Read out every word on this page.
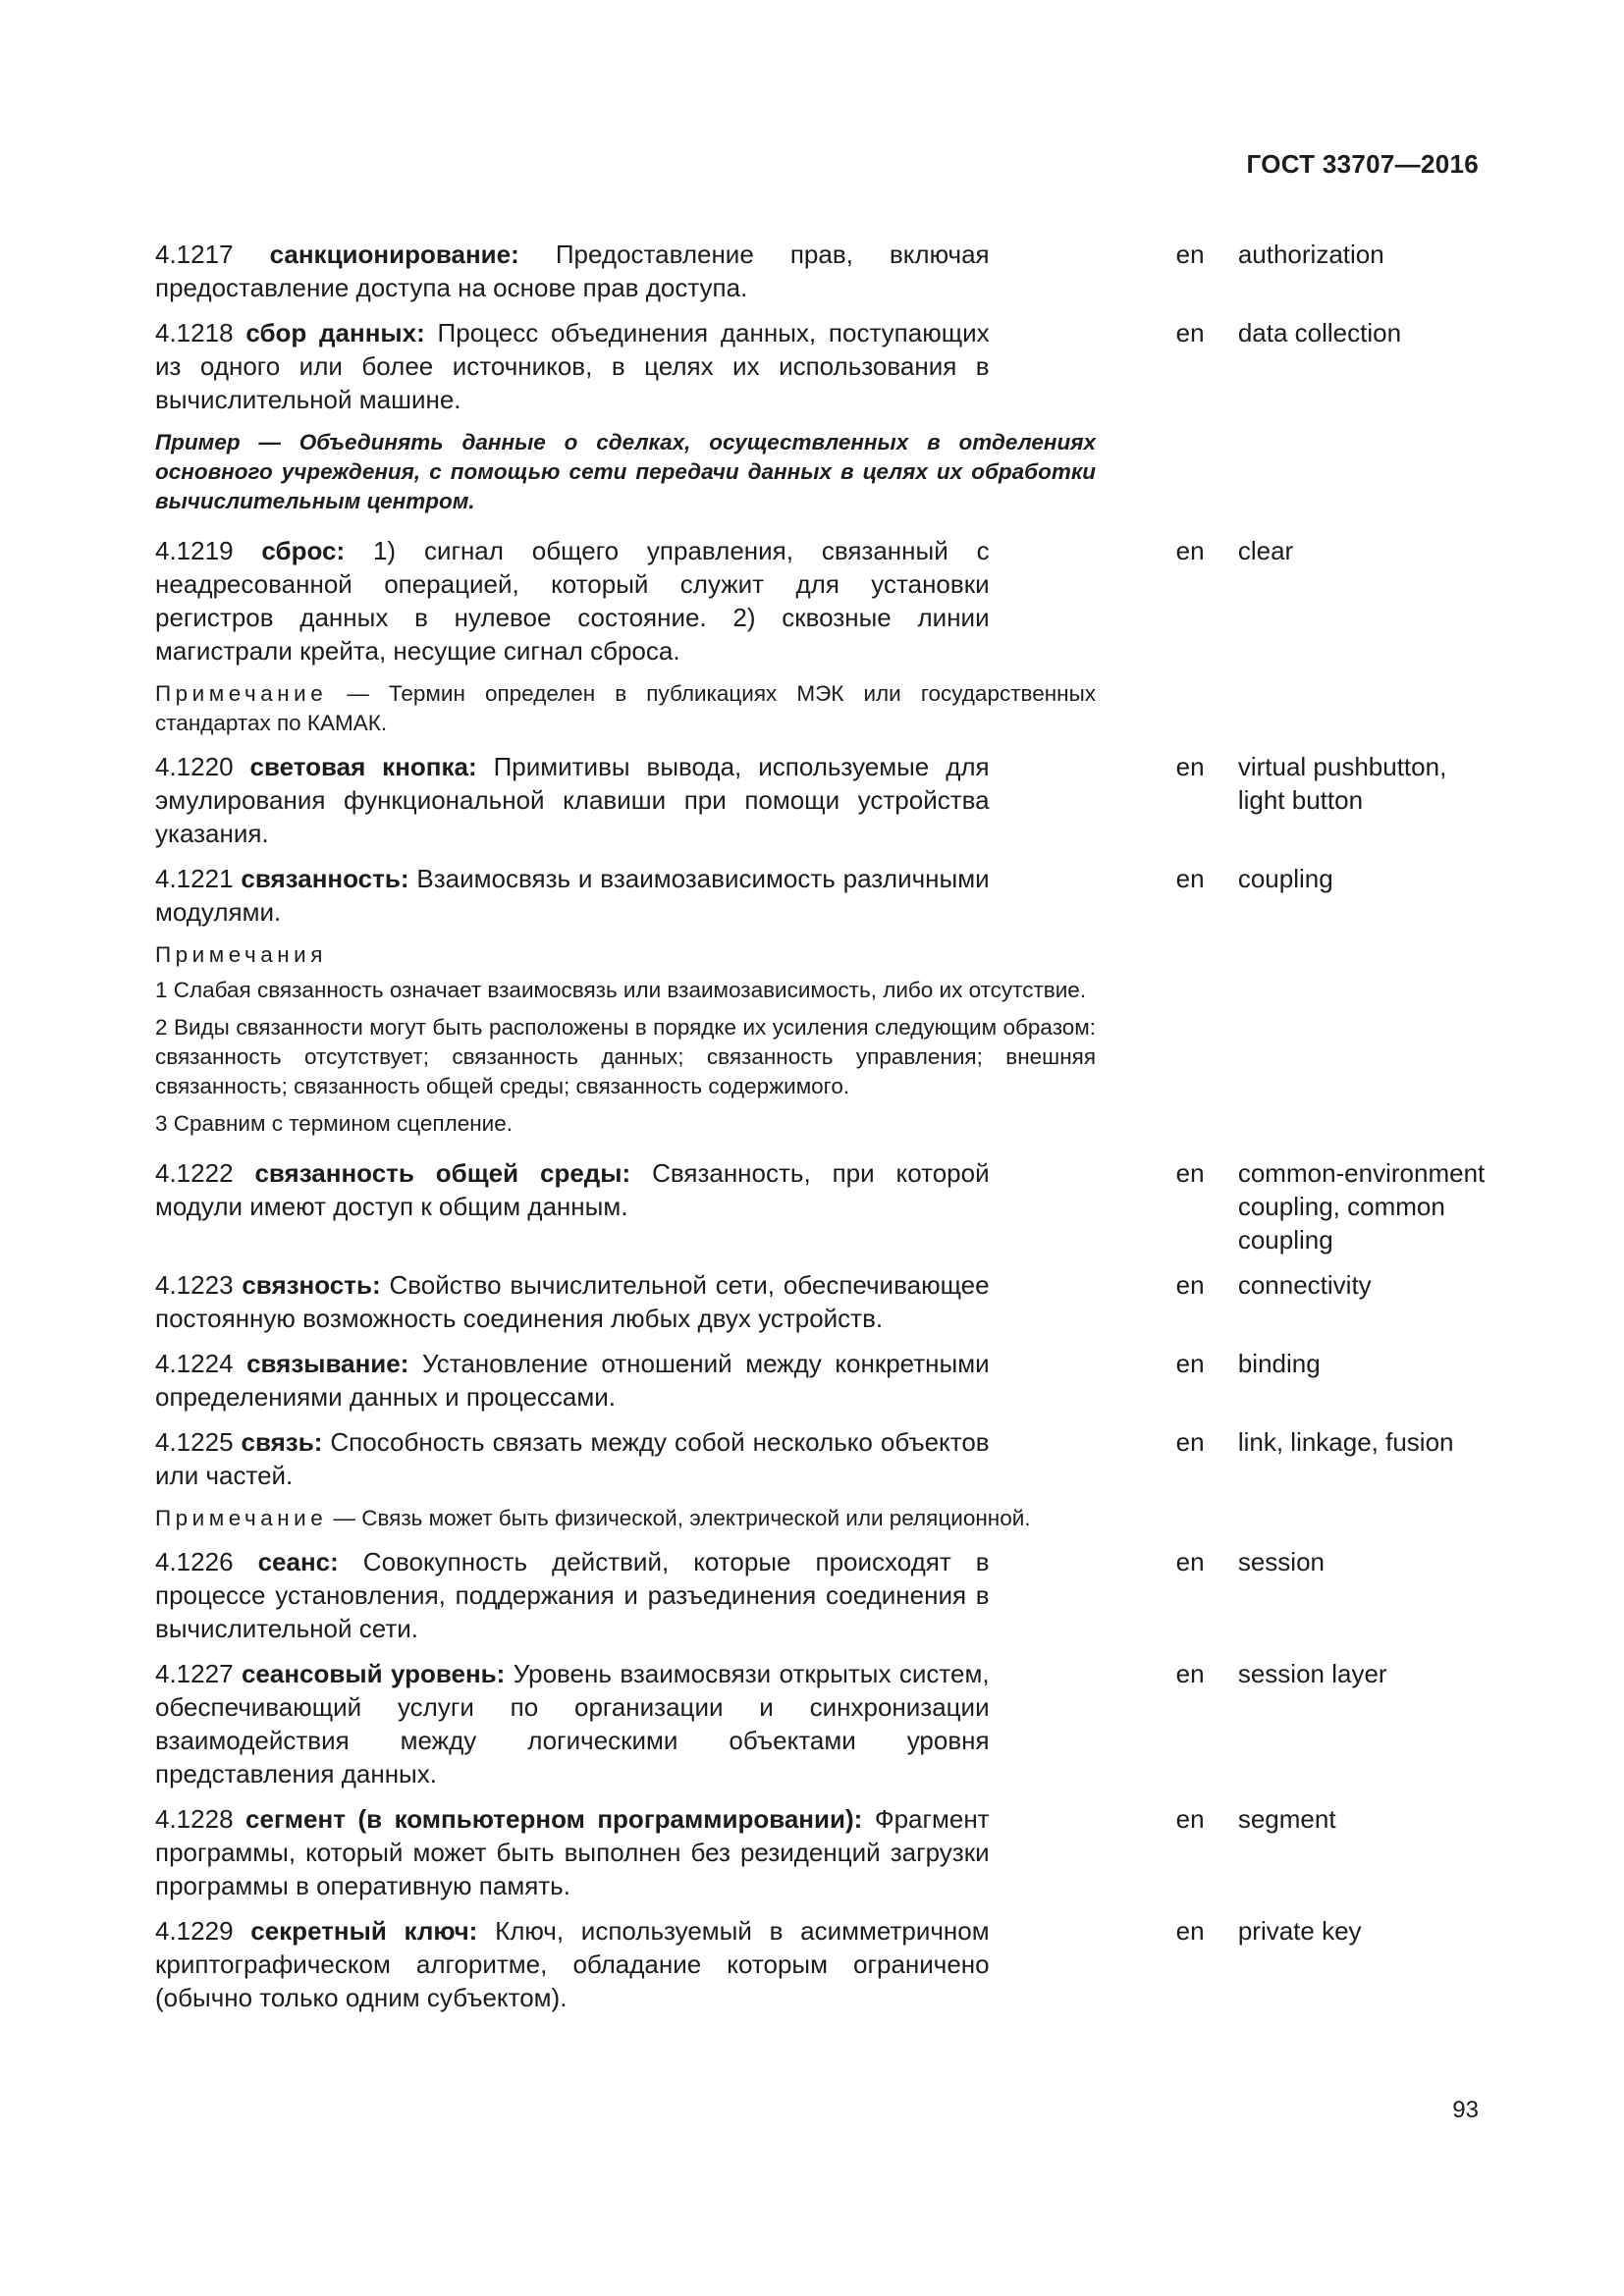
ГОСТ 33707—2016
4.1217 санкционирование: Предоставление прав, включая предоставление доступа на основе прав доступа.
en	authorization
4.1218 сбор данных: Процесс объединения данных, поступающих из одного или более источников, в целях их использования в вычислительной машине.
en	data collection
Пример — Объединять данные о сделках, осуществленных в отделениях основного учреждения, с помощью сети передачи данных в целях их обработки вычислительным центром.
4.1219 сброс: 1) сигнал общего управления, связанный с неадресованной операцией, который служит для установки регистров данных в нулевое состояние. 2) сквозные линии магистрали крейта, несущие сигнал сброса.
en	clear
Примечание — Термин определен в публикациях МЭК или государственных стандартах по КАМАК.
4.1220 световая кнопка: Примитивы вывода, используемые для эмулирования функциональной клавиши при помощи устройства указания.
en	virtual pushbutton, light button
4.1221 связанность: Взаимосвязь и взаимозависимость различными модулями.
en	coupling
Примечания
1 Слабая связанность означает взаимосвязь или взаимозависимость, либо их отсутствие.
2 Виды связанности могут быть расположены в порядке их усиления следующим образом: связанность отсутствует; связанность данных; связанность управления; внешняя связанность; связанность общей среды; связанность содержимого.
3 Сравним с термином сцепление.
4.1222 связанность общей среды: Связанность, при которой модули имеют доступ к общим данным.
en	common-environment coupling, common coupling
4.1223 связность: Свойство вычислительной сети, обеспечивающее постоянную возможность соединения любых двух устройств.
en	connectivity
4.1224 связывание: Установление отношений между конкретными определениями данных и процессами.
en	binding
4.1225 связь: Способность связать между собой несколько объектов или частей.
en	link, linkage, fusion
Примечание — Связь может быть физической, электрической или реляционной.
4.1226 сеанс: Совокупность действий, которые происходят в процессе установления, поддержания и разъединения соединения в вычислительной сети.
en	session
4.1227 сеансовый уровень: Уровень взаимосвязи открытых систем, обеспечивающий услуги по организации и синхронизации взаимодействия между логическими объектами уровня представления данных.
en	session layer
4.1228 сегмент (в компьютерном программировании): Фрагмент программы, который может быть выполнен без резиденций загрузки программы в оперативную память.
en	segment
4.1229 секретный ключ: Ключ, используемый в асимметричном криптографическом алгоритме, обладание которым ограничено (обычно только одним субъектом).
en	private key
93
